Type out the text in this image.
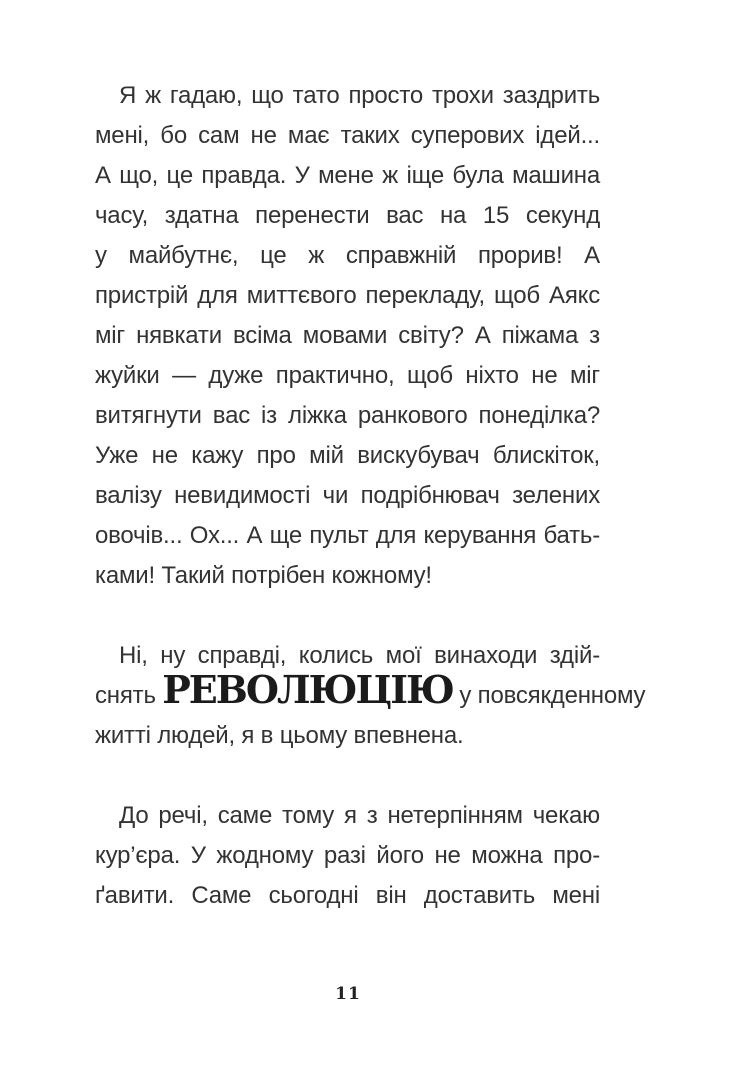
Я ж гадаю, що тато просто трохи заздрить
мені, бо сам не має таких суперових ідей...
А що, це правда. У мене ж іще була машина
часу, здатна перенести вас на 15 секунд
у майбутнє, це ж справжній прорив! А
пристрій для миттєвого перекладу, щоб Аякс
міг нявкати всіма мовами світу? А піжама з
жуйки — дуже практично, щоб ніхто не міг
витягнути вас із ліжка ранкового понеділка?
Уже не кажу про мій вискубувач блискіток,
валізу невидимості чи подрібнювач зелених
овочів... Ох... А ще пульт для керування бать-
ками! Такий потрібен кожному!
Ні, ну справді, колись мої винаходи здій-
снять РЕВОЛЮЦІЮ у повсякденному
житті людей, я в цьому впевнена.
До речі, саме тому я з нетерпінням чекаю
кур’єра. У жодному разі його не можна про-
ґавити. Саме сьогодні він доставить мені
11
